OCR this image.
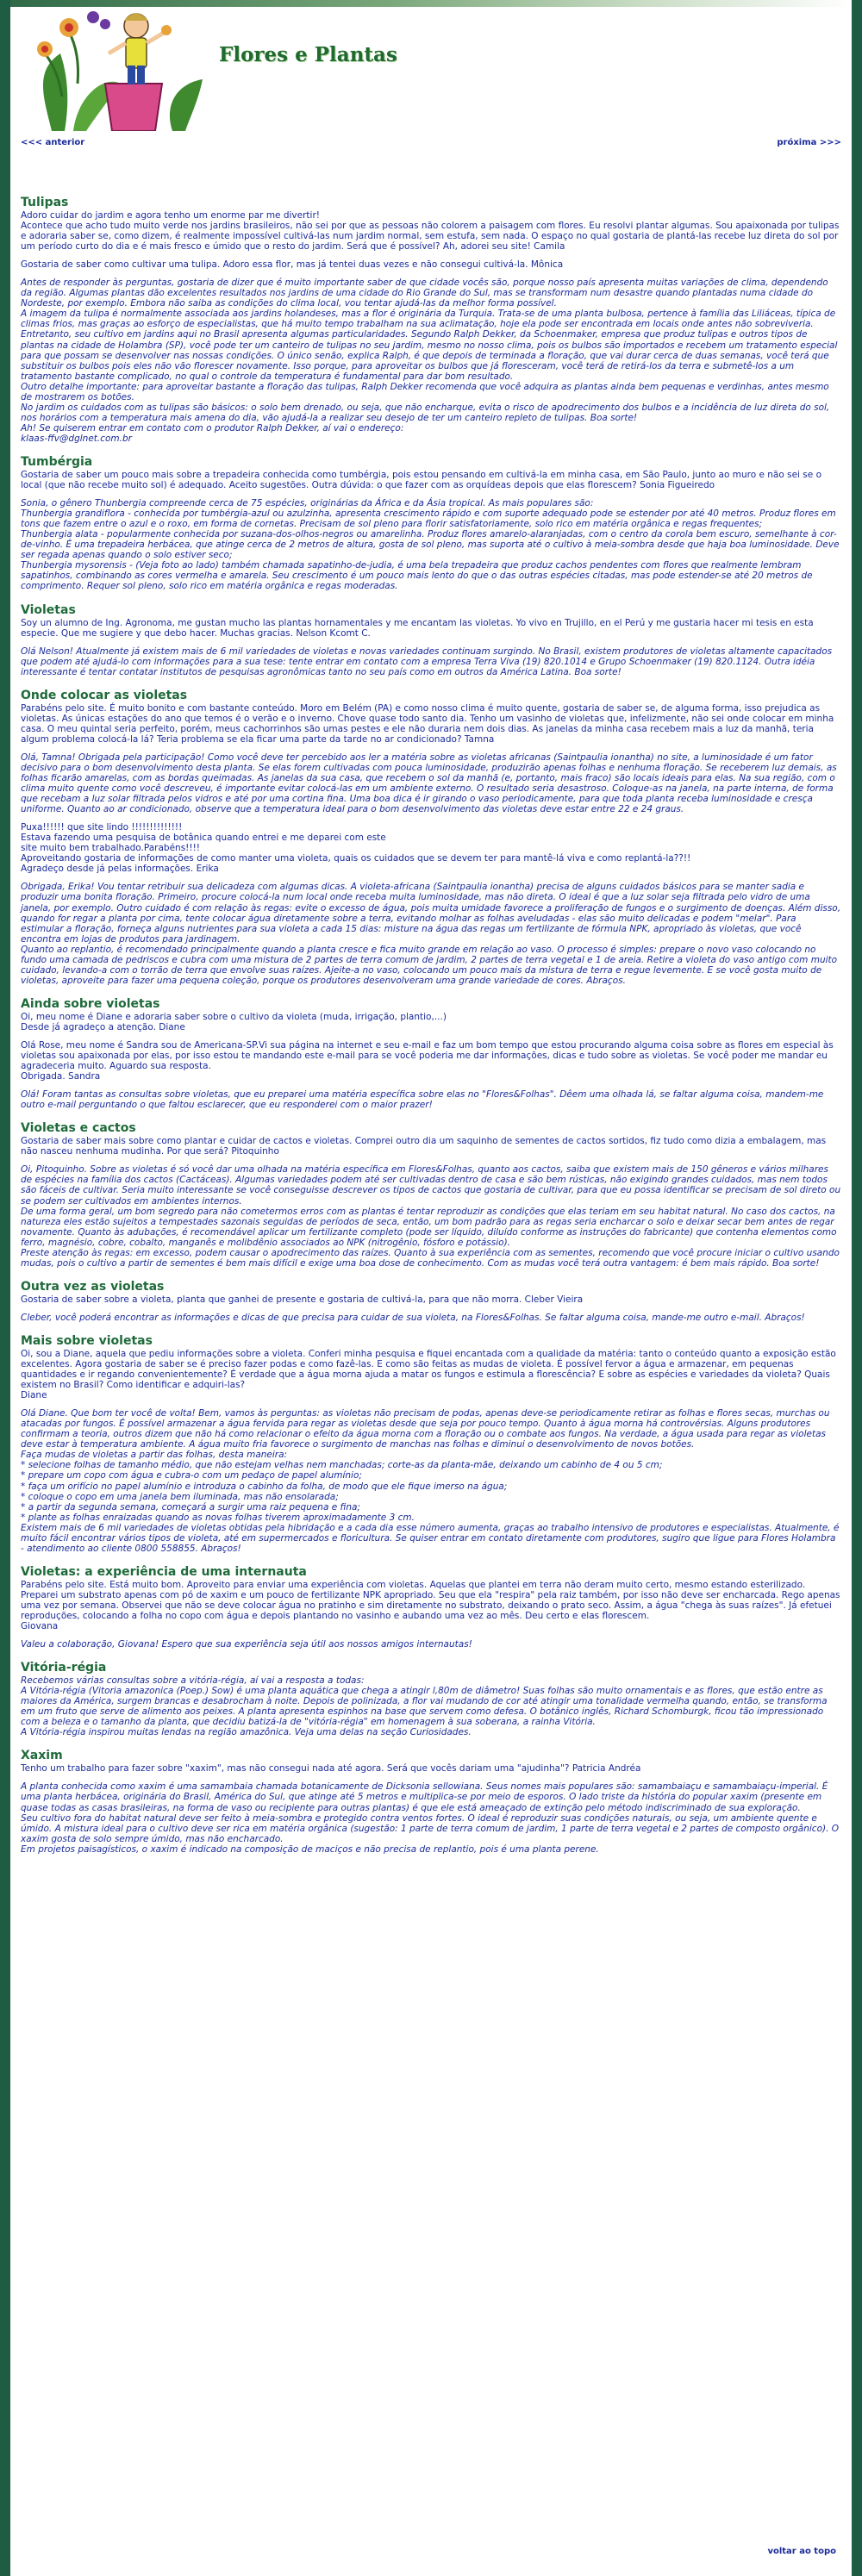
Flores e Plantas
<<< anterior	próxima >>>
Tulipas

Adoro cuidar do jardim e agora tenho um enorme par me divertir!
Acontece que acho tudo muito verde nos jardins brasileiros, não sei por que as pessoas não colorem a paisagem com flores. Eu resolvi plantar algumas. Sou apaixonada por tulipas e adoraria saber se, como dizem, é realmente impossível cultivá-las num jardim normal, sem estufa, sem nada. O espaço no qual gostaria de plantá-las recebe luz direta do sol por um período curto do dia e é mais fresco e úmido que o resto do jardim. Será que é possível? Ah, adorei seu site! Camila

Gostaria de saber como cultivar uma tulipa. Adoro essa flor, mas já tentei duas vezes e não consegui cultivá-la. Mônica

Antes de responder às perguntas, gostaria de dizer que é muito importante saber de que cidade vocês são, porque nosso país apresenta muitas variações de clima, dependendo da região. Algumas plantas dão excelentes resultados nos jardins de uma cidade do Rio Grande do Sul, mas se transformam num desastre quando plantadas numa cidade do Nordeste, por exemplo. Embora não saiba as condições do clima local, vou tentar ajudá-las da melhor forma possível.
A imagem da tulipa é normalmente associada aos jardins holandeses, mas a flor é originária da Turquia. Trata-se de uma planta bulbosa, pertence à família das Liliáceas, típica de climas frios, mas graças ao esforço de especialistas, que há muito tempo trabalham na sua aclimatação, hoje ela pode ser encontrada em locais onde antes não sobreviveria. Entretanto, seu cultivo em jardins aqui no Brasil apresenta algumas particularidades. Segundo Ralph Dekker, da Schoenmaker, empresa que produz tulipas e outros tipos de plantas na cidade de Holambra (SP), você pode ter um canteiro de tulipas no seu jardim, mesmo no nosso clima, pois os bulbos são importados e recebem um tratamento especial para que possam se desenvolver nas nossas condições. O único senão, explica Ralph, é que depois de terminada a floração, que vai durar cerca de duas semanas, você terá que substituir os bulbos pois eles não vão florescer novamente. Isso porque, para aproveitar os bulbos que já floresceram, você terá de retirá-los da terra e submetê-los a um tratamento bastante complicado, no qual o controle da temperatura é fundamental para dar bom resultado.
Outro detalhe importante: para aproveitar bastante a floração das tulipas, Ralph Dekker recomenda que você adquira as plantas ainda bem pequenas e verdinhas, antes mesmo de mostrarem os botões.
No jardim os cuidados com as tulipas são básicos: o solo bem drenado, ou seja, que não encharque, evita o risco de apodrecimento dos bulbos e a incidência de luz direta do sol, nos horários com a temperatura mais amena do dia, vão ajudá-la a realizar seu desejo de ter um canteiro repleto de tulipas. Boa sorte!
Ah! Se quiserem entrar em contato com o produtor Ralph Dekker, aí vai o endereço:
klaas-ffv@dglnet.com.br

Tumbérgia

Gostaria de saber um pouco mais sobre a trepadeira conhecida como tumbérgia, pois estou pensando em cultivá-la em minha casa, em São Paulo, junto ao muro e não sei se o local (que não recebe muito sol) é adequado. Aceito sugestões. Outra dúvida: o que fazer com as orquídeas depois que elas florescem? Sonia Figueiredo

Sonia, o gênero Thunbergia compreende cerca de 75 espécies, originárias da África e da Ásia tropical. As mais populares são:
Thunbergia grandiflora - conhecida por tumbérgia-azul ou azulzinha, apresenta crescimento rápido e com suporte adequado pode se estender por até 40 metros. Produz flores em tons que fazem entre o azul e o roxo, em forma de cornetas. Precisam de sol pleno para florir satisfatoriamente, solo rico em matéria orgânica e regas frequentes;
Thunbergia alata - popularmente conhecida por suzana-dos-olhos-negros ou amarelinha. Produz flores amarelo-alaranjadas, com o centro da corola bem escuro, semelhante à cor-de-vinho. É uma trepadeira herbácea, que atinge cerca de 2 metros de altura, gosta de sol pleno, mas suporta até o cultivo à meia-sombra desde que haja boa luminosidade. Deve ser regada apenas quando o solo estiver seco;
Thunbergia mysorensis - (Veja foto ao lado) também chamada sapatinho-de-judia, é uma bela trepadeira que produz cachos pendentes com flores que realmente lembram sapatinhos, combinando as cores vermelha e amarela. Seu crescimento é um pouco mais lento do que o das outras espécies citadas, mas pode estender-se até 20 metros de comprimento. Requer sol pleno, solo rico em matéria orgânica e regas moderadas.

Violetas

Soy un alumno de Ing. Agronoma, me gustan mucho las plantas hornamentales y me encantam las violetas. Yo vivo en Trujillo, en el Perú y me gustaria hacer mi tesis en esta especie. Que me sugiere y que debo hacer. Muchas gracias. Nelson Kcomt C.

Olá Nelson! Atualmente já existem mais de 6 mil variedades de violetas e novas variedades continuam surgindo. No Brasil, existem produtores de violetas altamente capacitados que podem até ajudá-lo com informações para a sua tese: tente entrar em contato com a empresa Terra Viva (19) 820.1014 e Grupo Schoenmaker (19) 820.1124. Outra idéia interessante é tentar contatar institutos de pesquisas agronômicas tanto no seu país como em outros da América Latina. Boa sorte!

Onde colocar as violetas

Parabéns pelo site. É muito bonito e com bastante conteúdo. Moro em Belém (PA) e como nosso clima é muito quente, gostaria de saber se, de alguma forma, isso prejudica as violetas. As únicas estações do ano que temos é o verão e o inverno. Chove quase todo santo dia. Tenho um vasinho de violetas que, infelizmente, não sei onde colocar em minha casa. O meu quintal seria perfeito, porém, meus cachorrinhos são umas pestes e ele não duraria nem dois dias. As janelas da minha casa recebem mais a luz da manhã, teria algum problema colocá-la lá? Teria problema se ela ficar uma parte da tarde no ar condicionado? Tamna

Olá, Tamna! Obrigada pela participação! Como você deve ter percebido aos ler a matéria sobre as violetas africanas (Saintpaulia ionantha) no site, a luminosidade é um fator decisivo para o bom desenvolvimento desta planta. Se elas forem cultivadas com pouca luminosidade, produzirão apenas folhas e nenhuma floração. Se receberem luz demais, as folhas ficarão amarelas, com as bordas queimadas. As janelas da sua casa, que recebem o sol da manhã (e, portanto, mais fraco) são locais ideais para elas. Na sua região, com o clima muito quente como você descreveu, é importante evitar colocá-las em um ambiente externo. O resultado seria desastroso. Coloque-as na janela, na parte interna, de forma que recebam a luz solar filtrada pelos vidros e até por uma cortina fina. Uma boa dica é ir girando o vaso periodicamente, para que toda planta receba luminosidade e cresça uniforme. Quanto ao ar condicionado, observe que a temperatura ideal para o bom desenvolvimento das violetas deve estar entre 22 e 24 graus.

Puxa!!!!!! que site lindo !!!!!!!!!!!!!!
Estava fazendo uma pesquisa de botânica quando entrei e me deparei com este
site muito bem trabalhado.Parabéns!!!!
Aproveitando gostaria de informações de como manter uma violeta, quais os cuidados que se devem ter para mantê-lá viva e como replantá-la??!!
Agradeço desde já pelas informações. Erika

Obrigada, Erika! Vou tentar retribuir sua delicadeza com algumas dicas. A violeta-africana (Saintpaulia ionantha) precisa de alguns cuidados básicos para se manter sadia e produzir uma bonita floração. Primeiro, procure colocá-la num local onde receba muita luminosidade, mas não direta. O ideal é que a luz solar seja filtrada pelo vidro de uma janela, por exemplo. Outro cuidado é com relação às regas: evite o excesso de água, pois muita umidade favorece a proliferação de fungos e o surgimento de doenças. Além disso, quando for regar a planta por cima, tente colocar água diretamente sobre a terra, evitando molhar as folhas aveludadas - elas são muito delicadas e podem "melar". Para estimular a floração, forneça alguns nutrientes para sua violeta a cada 15 dias: misture na água das regas um fertilizante de fórmula NPK, apropriado às violetas, que você encontra em lojas de produtos para jardinagem.
Quanto ao replantio, é recomendado principalmente quando a planta cresce e fica muito grande em relação ao vaso. O processo é simples: prepare o novo vaso colocando no fundo uma camada de pedriscos e cubra com uma mistura de 2 partes de terra comum de jardim, 2 partes de terra vegetal e 1 de areia. Retire a violeta do vaso antigo com muito cuidado, levando-a com o torrão de terra que envolve suas raízes. Ajeite-a no vaso, colocando um pouco mais da mistura de terra e regue levemente. E se você gosta muito de violetas, aproveite para fazer uma pequena coleção, porque os produtores desenvolveram uma grande variedade de cores. Abraços.

Ainda sobre violetas

Oi, meu nome é Diane e adoraria saber sobre o cultivo da violeta (muda, irrigação, plantio,...)
Desde já agradeço a atenção. Diane

Olá Rose, meu nome é Sandra sou de Americana-SP.Vi sua página na internet e seu e-mail e faz um bom tempo que estou procurando alguma coisa sobre as flores em especial às violetas sou apaixonada por elas, por isso estou te mandando este e-mail para se você poderia me dar informações, dicas e tudo sobre as violetas. Se você poder me mandar eu agradeceria muito. Aguardo sua resposta.
Obrigada. Sandra

Olá! Foram tantas as consultas sobre violetas, que eu preparei uma matéria específica sobre elas no "Flores&Folhas". Dêem uma olhada lá, se faltar alguma coisa, mandem-me outro e-mail perguntando o que faltou esclarecer, que eu responderei com o maior prazer!

Violetas e cactos

Gostaria de saber mais sobre como plantar e cuidar de cactos e violetas. Comprei outro dia um saquinho de sementes de cactos sortidos, fiz tudo como dizia a embalagem, mas não nasceu nenhuma mudinha. Por que será? Pitoquinho

Oi, Pitoquinho. Sobre as violetas é só você dar uma olhada na matéria específica em Flores&Folhas, quanto aos cactos, saiba que existem mais de 150 gêneros e vários milhares de espécies na família dos cactos (Cactáceas). Algumas variedades podem até ser cultivadas dentro de casa e são bem rústicas, não exigindo grandes cuidados, mas nem todos são fáceis de cultivar. Seria muito interessante se você conseguisse descrever os tipos de cactos que gostaria de cultivar, para que eu possa identificar se precisam de sol direto ou se podem ser cultivados em ambientes internos.
De uma forma geral, um bom segredo para não cometermos erros com as plantas é tentar reproduzir as condições que elas teriam em seu habitat natural. No caso dos cactos, na natureza eles estão sujeitos a tempestades sazonais seguidas de períodos de seca, então, um bom padrão para as regas seria encharcar o solo e deixar secar bem antes de regar novamente. Quanto às adubações, é recomendável aplicar um fertilizante completo (pode ser líquido, diluído conforme as instruções do fabricante) que contenha elementos como ferro, magnésio, cobre, cobalto, manganês e molibdênio associados ao NPK (nitrogênio, fósforo e potássio).
Preste atenção às regas: em excesso, podem causar o apodrecimento das raízes. Quanto à sua experiência com as sementes, recomendo que você procure iniciar o cultivo usando mudas, pois o cultivo a partir de sementes é bem mais difícil e exige uma boa dose de conhecimento. Com as mudas você terá outra vantagem: é bem mais rápido. Boa sorte!

Outra vez as violetas

Gostaria de saber sobre a violeta, planta que ganhei de presente e gostaria de cultivá-la, para que não morra. Cleber Vieira

Cleber, você poderá encontrar as informações e dicas de que precisa para cuidar de sua violeta, na Flores&Folhas. Se faltar alguma coisa, mande-me outro e-mail. Abraços!

Mais sobre violetas

Oi, sou a Diane, aquela que pediu informações sobre a violeta. Conferi minha pesquisa e fiquei encantada com a qualidade da matéria: tanto o conteúdo quanto a exposição estão excelentes. Agora gostaria de saber se é preciso fazer podas e como fazê-las. E como são feitas as mudas de violeta. É possível fervor a água e armazenar, em pequenas quantidades e ir regando convenientemente? É verdade que a água morna ajuda a matar os fungos e estimula a florescência? E sobre as espécies e variedades da violeta? Quais existem no Brasil? Como identificar e adquiri-las?
Diane

Olá Diane. Que bom ter você de volta! Bem, vamos às perguntas: as violetas não precisam de podas, apenas deve-se periodicamente retirar as folhas e flores secas, murchas ou atacadas por fungos. É possível armazenar a água fervida para regar as violetas desde que seja por pouco tempo. Quanto à água morna há controvérsias. Alguns produtores confirmam a teoria, outros dizem que não há como relacionar o efeito da água morna com a floração ou o combate aos fungos. Na verdade, a água usada para regar as violetas deve estar à temperatura ambiente. A água muito fria favorece o surgimento de manchas nas folhas e diminui o desenvolvimento de novos botões.
Faça mudas de violetas a partir das folhas, desta maneira:
* selecione folhas de tamanho médio, que não estejam velhas nem manchadas; corte-as da planta-mãe, deixando um cabinho de 4 ou 5 cm;
* prepare um copo com água e cubra-o com um pedaço de papel alumínio;
* faça um orifício no papel alumínio e introduza o cabinho da folha, de modo que ele fique imerso na água;
* coloque o copo em uma janela bem iluminada, mas não ensolarada;
* a partir da segunda semana, começará a surgir uma raiz pequena e fina;
* plante as folhas enraizadas quando as novas folhas tiverem aproximadamente 3 cm.
Existem mais de 6 mil variedades de violetas obtidas pela hibridação e a cada dia esse número aumenta, graças ao trabalho intensivo de produtores e especialistas. Atualmente, é muito fácil encontrar vários tipos de violeta, até em supermercados e floricultura. Se quiser entrar em contato diretamente com produtores, sugiro que ligue para Flores Holambra - atendimento ao cliente 0800 558855. Abraços!

Violetas: a experiência de uma internauta

Parabéns pelo site. Está muito bom. Aproveito para enviar uma experiência com violetas. Aquelas que plantei em terra não deram muito certo, mesmo estando esterilizado. Preparei um substrato apenas com pó de xaxim e um pouco de fertilizante NPK apropriado. Seu que ela "respira" pela raiz também, por isso não deve ser encharcada. Rego apenas uma vez por semana. Observei que não se deve colocar água no pratinho e sim diretamente no substrato, deixando o prato seco. Assim, a água "chega às suas raízes". Já efetuei reproduções, colocando a folha no copo com água e depois plantando no vasinho e aubando uma vez ao mês. Deu certo e elas florescem.
Giovana

Valeu a colaboração, Giovana! Espero que sua experiência seja útil aos nossos amigos internautas!

Vitória-régia

Recebemos várias consultas sobre a vitória-régia, aí vai a resposta a todas:
A Vitória-régia (Vitoria amazonica (Poep.) Sow) é uma planta aquática que chega a atingir l,80m de diâmetro! Suas folhas são muito ornamentais e as flores, que estão entre as maiores da América, surgem brancas e desabrocham à noite. Depois de polinizada, a flor vai mudando de cor até atingir uma tonalidade vermelha quando, então, se transforma em um fruto que serve de alimento aos peixes. A planta apresenta espinhos na base que servem como defesa. O botânico inglês, Richard Schomburgk, ficou tão impressionado com a beleza e o tamanho da planta, que decidiu batizá-la de "vitória-régia" em homenagem à sua soberana, a rainha Vitória.
A Vitória-régia inspirou muitas lendas na região amazônica. Veja uma delas na seção Curiosidades.

Xaxim

Tenho um trabalho para fazer sobre "xaxim", mas não consegui nada até agora. Será que vocês dariam uma "ajudinha"? Patricia Andréa

A planta conhecida como xaxim é uma samambaia chamada botanicamente de Dicksonia sellowiana. Seus nomes mais populares são: samambaiaçu e samambaiaçu-imperial. É uma planta herbácea, originária do Brasil, América do Sul, que atinge até 5 metros e multiplica-se por meio de esporos. O lado triste da história do popular xaxim (presente em quase todas as casas brasileiras, na forma de vaso ou recipiente para outras plantas) é que ele está ameaçado de extinção pelo método indiscriminado de sua exploração.
Seu cultivo fora do habitat natural deve ser feito à meia-sombra e protegido contra ventos fortes. O ideal é reproduzir suas condições naturais, ou seja, um ambiente quente e úmido. A mistura ideal para o cultivo deve ser rica em matéria orgânica (sugestão: 1 parte de terra comum de jardim, 1 parte de terra vegetal e 2 partes de composto orgânico). O xaxim gosta de solo sempre úmido, mas não encharcado.
Em projetos paisagísticos, o xaxim é indicado na composição de maciços e não precisa de replantio, pois é uma planta perene.

voltar ao topo
